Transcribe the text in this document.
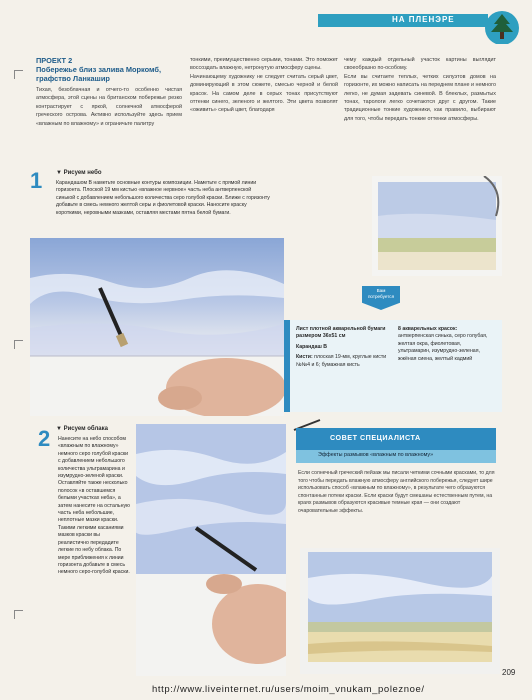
НА ПЛЕНЭРЕ
ПРОЕКТ 2
Побережье близ залива Моркомб, графство Ланкашир
Тихая, безоблачная и отчего-то особенно чистая атмосфера, этой сцены на британском побережье резко контрастирует с яркой, солнечной атмосферой греческого острова. Активно используйте здесь прием «влажным по влажному» и ограничьте палитру
тонкими, преимущественно серыми, тонами. Это поможет воссоздать влажную, нетронутую атмосферу сцены.
Начинающему художнику не следует считать серый цвет, доминирующий в этом сюжете, смесью черной и белой красок. На самом деле в серых тонах присутствуют оттенки синего, зеленого и желтого. Эти цвета позволят «оживить» серый цвет, благодаря
чему каждый отдельный участок картины выглядит своеобразно по-особому.
Если вы считаете теплых, четких силуэтов домов на горизонте, их можно написать на переднем плане и немного легко, не думая задевать синевой. В блеклых, размытых тонах, тарологи легко сочетаются друг с другом. Такие традиционные тонкие художники, как правило, выбирают для того, чтобы передать тонкие оттенки атмосферы.
1 ▼ Рисуем небо
Карандашом B наметьте основные контуры композиции. Наметьте с прямой линии горизонта. Плоской 19 мм кистью «влажное нервное» часть неба антверпенской синькой с добавлением небольшого количества серо голубой краски. Ближе с горизонту добавьте в смесь немного желтой серы и фиолетовой краски. Наносите краску короткими, неровными мазками, оставляя местами пятна белой бумаги.
Вам потребуется
Лист плотной акварельной бумаги размером 36x51 см
Карандаш B
Кисти: плоская 19-мм, круглые кисти №№4 и 6; бумажная кисть
8 акварельных красок:
антверпенская синька, серо голубая, желтая окра, фиолетовая, ультрамарин, изумрудно-зеленая, жжёная сиена, желтый кадмий
2 ▼ Рисуем облака
Нанесите на небо способом «влажным по влажному» немного серо голубой краски с добавлением небольшого количества ультрамарина и изумрудно-зеленой краски. Оставляйте также несколько полосок «в оставшемся белыми участках неба», а затем нанесите на остальную часть неба небольшие, неплотные мазки краски. Такими легкими касаниями мазков краски вы реалистично передадите легкие по небу облака. По мере приближения к линии горизонта добавьте в смесь немного серо-голубой краски.
СОВЕТ СПЕЦИАЛИСТА
Эффекты размывов «влажным по влажному»
Если солнечный греческий пейзаж мы писали четкими сочными красками, то для того чтобы передать влажную атмосферу английского побережья, следует шире использовать способ «влажным по влажному», в результате чего образуются спонтанные потеки краски. Если краски будут смешаны естественным путем, на краях размывов образуются красивые темные края — они создают очаровательные эффекты.
209
http://www.liveinternet.ru/users/moim_vnukam_poleznoe/
